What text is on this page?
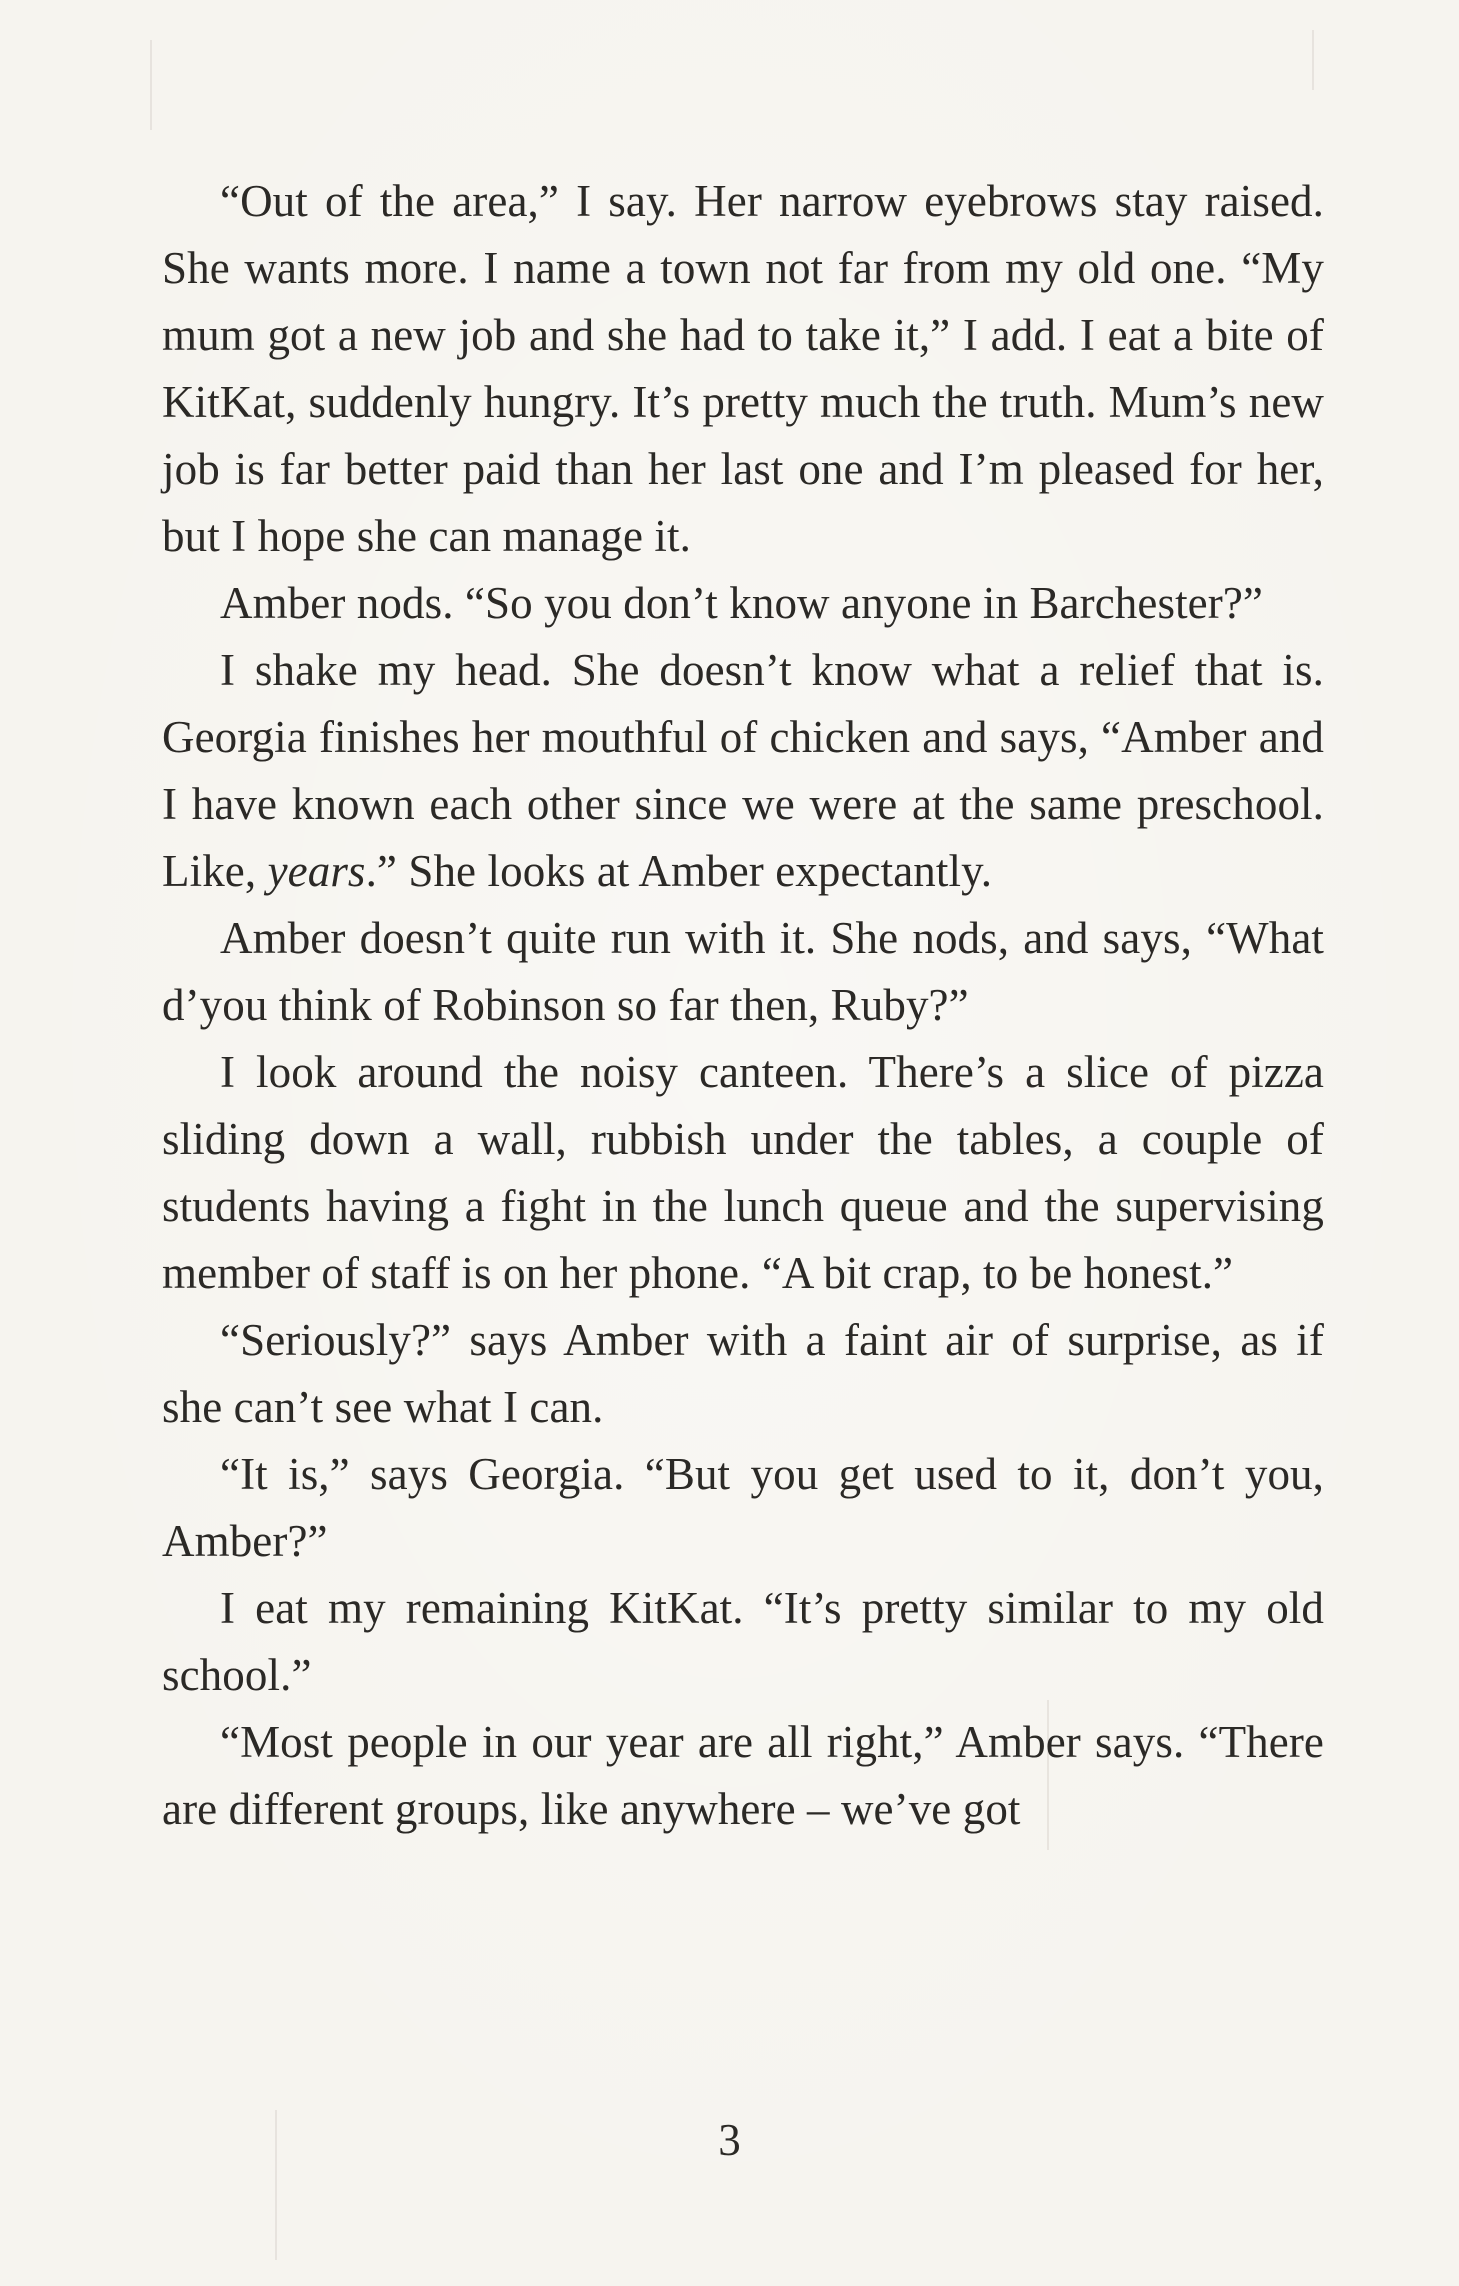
“Out of the area,” I say. Her narrow eyebrows stay raised. She wants more. I name a town not far from my old one. “My mum got a new job and she had to take it,” I add. I eat a bite of KitKat, suddenly hungry. It’s pretty much the truth. Mum’s new job is far better paid than her last one and I’m pleased for her, but I hope she can manage it.

Amber nods. “So you don’t know anyone in Barchester?”

I shake my head. She doesn’t know what a relief that is. Georgia finishes her mouthful of chicken and says, “Amber and I have known each other since we were at the same preschool. Like, years.” She looks at Amber expectantly.

Amber doesn’t quite run with it. She nods, and says, “What d’you think of Robinson so far then, Ruby?”

I look around the noisy canteen. There’s a slice of pizza sliding down a wall, rubbish under the tables, a couple of students having a fight in the lunch queue and the supervising member of staff is on her phone. “A bit crap, to be honest.”

“Seriously?” says Amber with a faint air of surprise, as if she can’t see what I can.

“It is,” says Georgia. “But you get used to it, don’t you, Amber?”

I eat my remaining KitKat. “It’s pretty similar to my old school.”

“Most people in our year are all right,” Amber says. “There are different groups, like anywhere – we’ve got

3
